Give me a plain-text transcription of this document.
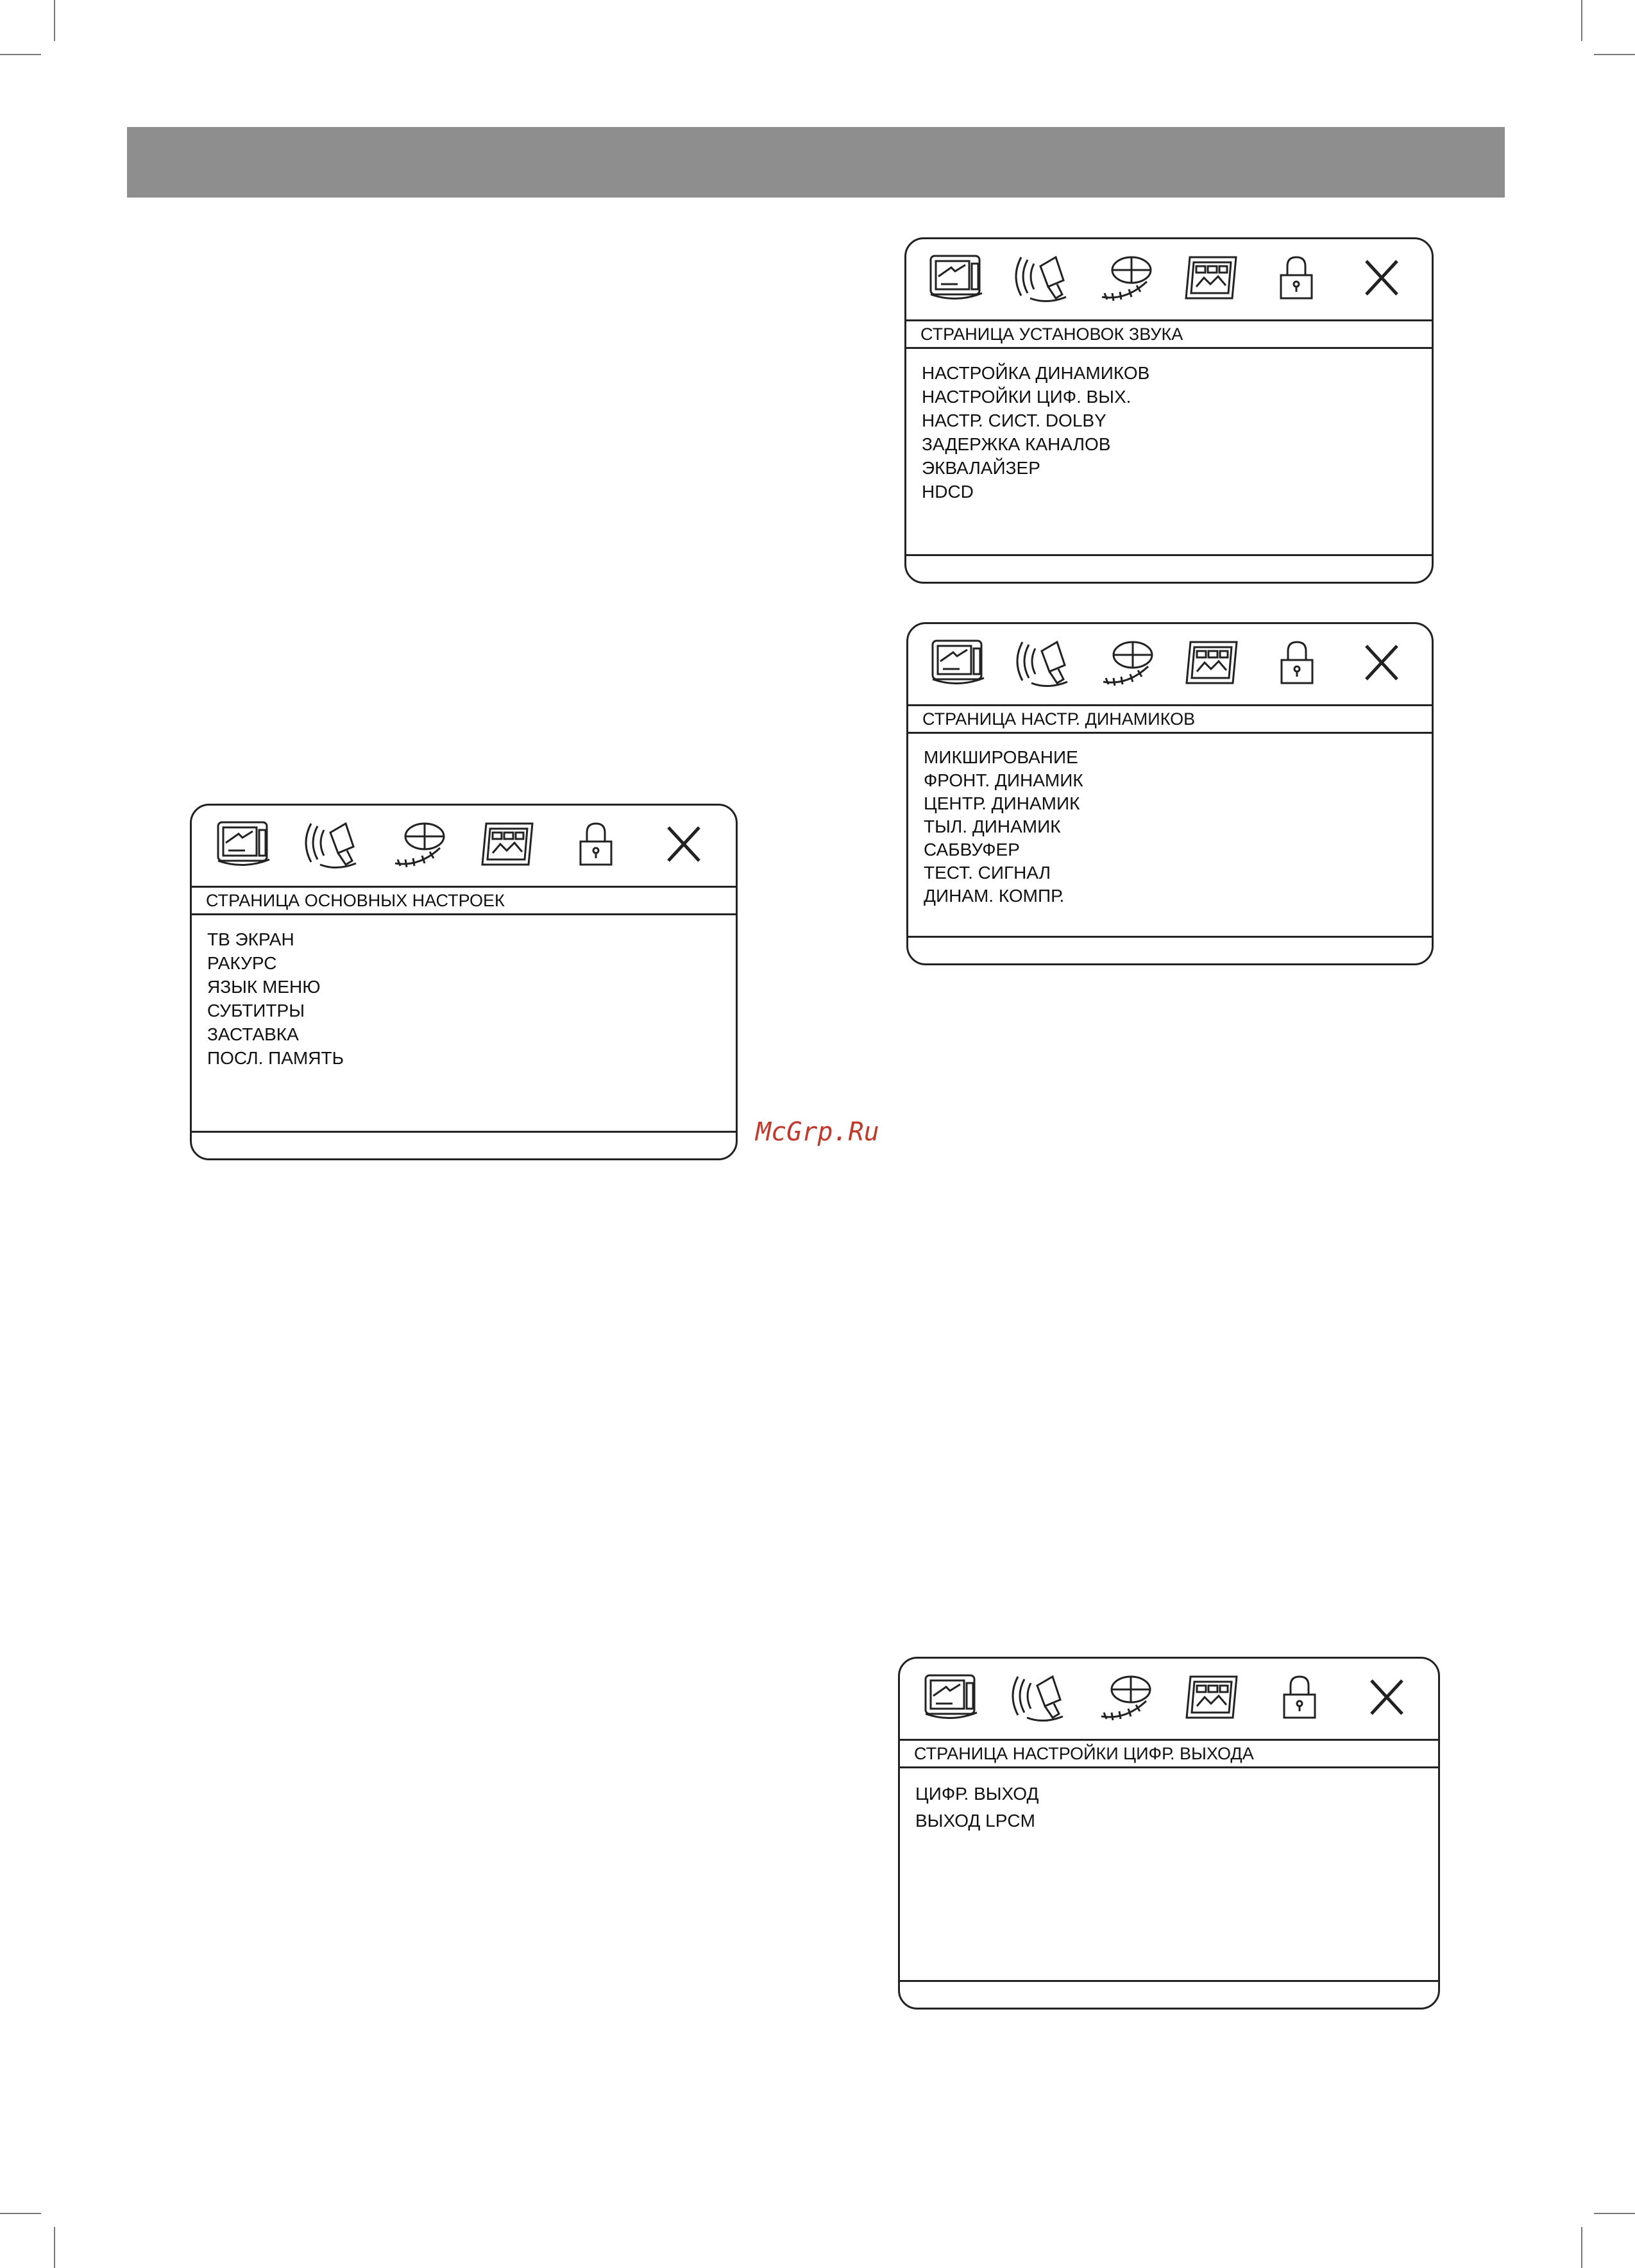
McGrp.Ru
СТРАНИЦА УСТАНОВОК ЗВУКА
НАСТРОЙКА ДИНАМИКОВ
НАСТРОЙКИ ЦИФ. ВЫХ.
НАСТР. СИСТ. DOLBY
ЗАДЕРЖКА КАНАЛОВ
ЭКВАЛАЙЗЕР
HDCD
СТРАНИЦА НАСТР. ДИНАМИКОВ
МИКШИРОВАНИЕ
ФРОНТ. ДИНАМИК
ЦЕНТР. ДИНАМИК
ТЫЛ. ДИНАМИК
САБВУФЕР
ТЕСТ. СИГНАЛ
ДИНАМ. КОМПР.
СТРАНИЦА ОСНОВНЫХ НАСТРОЕК
ТВ ЭКРАН
РАКУРС
ЯЗЫК МЕНЮ
СУБТИТРЫ
ЗАСТАВКА
ПОСЛ. ПАМЯТЬ
СТРАНИЦА НАСТРОЙКИ ЦИФР. ВЫХОДА
ЦИФР. ВЫХОД
ВЫХОД LPCM
